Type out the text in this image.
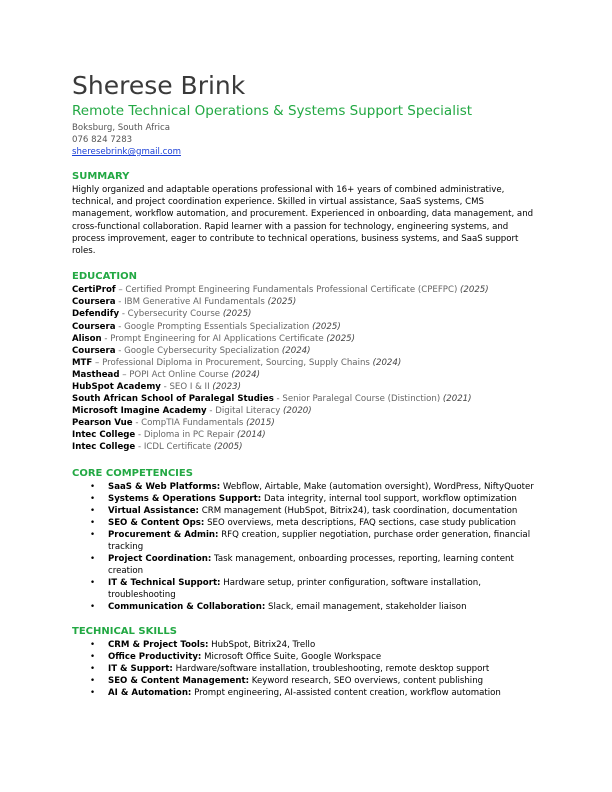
Sherese Brink
Remote Technical Operations & Systems Support Specialist
Boksburg, South Africa
076 824 7283
sheresebrink@gmail.com
SUMMARY
Highly organized and adaptable operations professional with 16+ years of combined administrative, technical, and project coordination experience. Skilled in virtual assistance, SaaS systems, CMS management, workflow automation, and procurement. Experienced in onboarding, data management, and cross-functional collaboration. Rapid learner with a passion for technology, engineering systems, and process improvement, eager to contribute to technical operations, business systems, and SaaS support roles.
EDUCATION
CertiProf – Certified Prompt Engineering Fundamentals Professional Certificate (CPEFPC) (2025)
Coursera - IBM Generative AI Fundamentals (2025)
Defendify - Cybersecurity Course (2025)
Coursera - Google Prompting Essentials Specialization (2025)
Alison - Prompt Engineering for AI Applications Certificate (2025)
Coursera - Google Cybersecurity Specialization (2024)
MTF – Professional Diploma in Procurement, Sourcing, Supply Chains (2024)
Masthead – POPI Act Online Course (2024)
HubSpot Academy - SEO I & II (2023)
South African School of Paralegal Studies - Senior Paralegal Course (Distinction) (2021)
Microsoft Imagine Academy - Digital Literacy (2020)
Pearson Vue - CompTIA Fundamentals (2015)
Intec College - Diploma in PC Repair (2014)
Intec College - ICDL Certificate (2005)
CORE COMPETENCIES
• SaaS & Web Platforms: Webflow, Airtable, Make (automation oversight), WordPress, NiftyQuoter
• Systems & Operations Support: Data integrity, internal tool support, workflow optimization
• Virtual Assistance: CRM management (HubSpot, Bitrix24), task coordination, documentation
• SEO & Content Ops: SEO overviews, meta descriptions, FAQ sections, case study publication
• Procurement & Admin: RFQ creation, supplier negotiation, purchase order generation, financial tracking
• Project Coordination: Task management, onboarding processes, reporting, learning content creation
• IT & Technical Support: Hardware setup, printer configuration, software installation, troubleshooting
• Communication & Collaboration: Slack, email management, stakeholder liaison
TECHNICAL SKILLS
• CRM & Project Tools: HubSpot, Bitrix24, Trello
• Office Productivity: Microsoft Office Suite, Google Workspace
• IT & Support: Hardware/software installation, troubleshooting, remote desktop support
• SEO & Content Management: Keyword research, SEO overviews, content publishing
• AI & Automation: Prompt engineering, AI-assisted content creation, workflow automation
